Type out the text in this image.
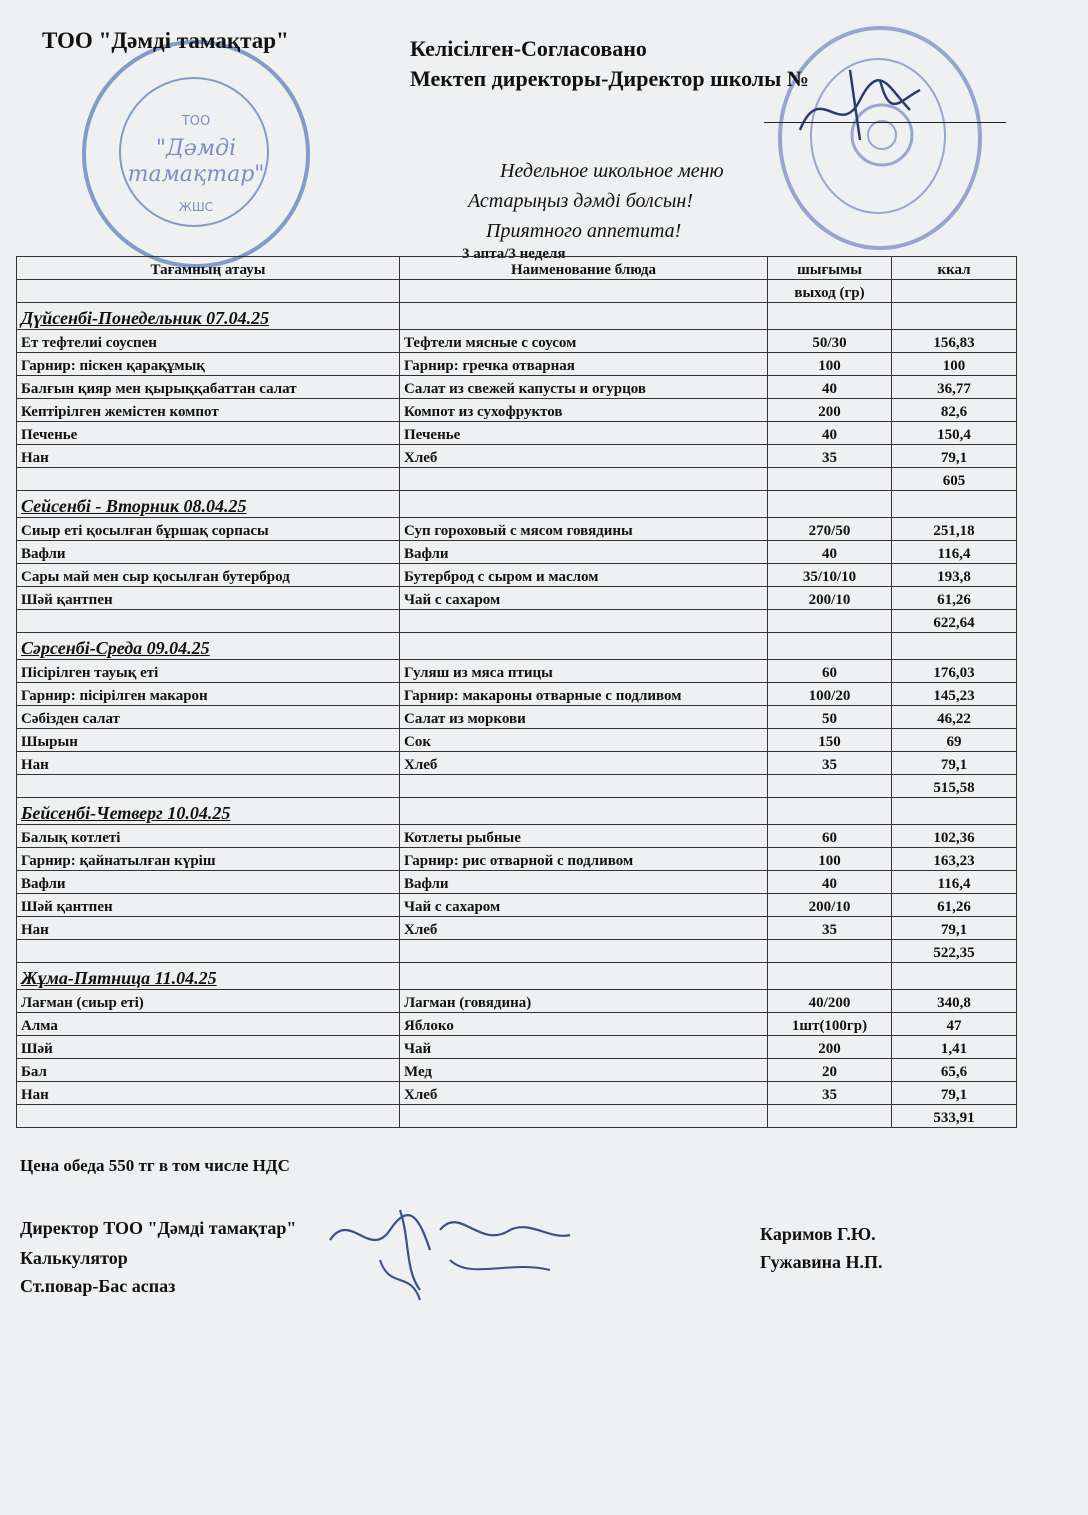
ТОО
"Дәмді
тамақтар"
ЖШС
ТОО "Дәмді тамақтар"	Келісілген-Согласовано
Мектеп директоры-Директор школы №
Недельное школьное меню
Астарыңыз дәмді болсын!
Приятного аппетита!
3 апта/3 неделя
Тағамның атауы	Наименование блюда	шығымы	ккал
		выход (гр)	
Дүйсенбі-Понедельник 07.04.25			
Ет тефтелиі соуспен	Тефтели мясные с соусом	50/30	156,83
Гарнир: піскен қарақұмық	Гарнир: гречка отварная	100	100
Балғын қияр мен қырыққабаттан салат	Салат из свежей капусты и огурцов	40	36,77
Кептірілген жемістен компот	Компот из сухофруктов	200	82,6
Печенье	Печенье	40	150,4
Нан	Хлеб	35	79,1
			605
Сейсенбі - Вторник 08.04.25			
Сиыр еті қосылған бұршақ сорпасы	Суп гороховый с мясом говядины	270/50	251,18
Вафли	Вафли	40	116,4
Сары май мен сыр қосылған бутерброд	Бутерброд с сыром и маслом	35/10/10	193,8
Шәй қантпен	Чай с сахаром	200/10	61,26
			622,64
Сәрсенбі-Среда 09.04.25			
Пісірілген тауық еті	Гуляш из мяса птицы	60	176,03
Гарнир: пісірілген макарон	Гарнир: макароны отварные с подливом	100/20	145,23
Сәбізден салат	Салат из моркови	50	46,22
Шырын	Сок	150	69
Нан	Хлеб	35	79,1
			515,58
Бейсенбі-Четверг 10.04.25			
Балық котлеті	Котлеты рыбные	60	102,36
Гарнир: қайнатылған күріш	Гарнир: рис отварной с подливом	100	163,23
Вафли	Вафли	40	116,4
Шәй қантпен	Чай с сахаром	200/10	61,26
Нан	Хлеб	35	79,1
			522,35
Жұма-Пятница 11.04.25			
Лағман (сиыр еті)	Лагман (говядина)	40/200	340,8
Алма	Яблоко	1шт(100гр)	47
Шәй	Чай	200	1,41
Бал	Мед	20	65,6
Нан	Хлеб	35	79,1
			533,91
Цена обеда 550 тг в том числе НДС
Директор ТОО "Дәмді тамақтар"
Калькулятор
Ст.повар-Бас аспаз
Каримов Г.Ю.
Гужавина Н.П.
